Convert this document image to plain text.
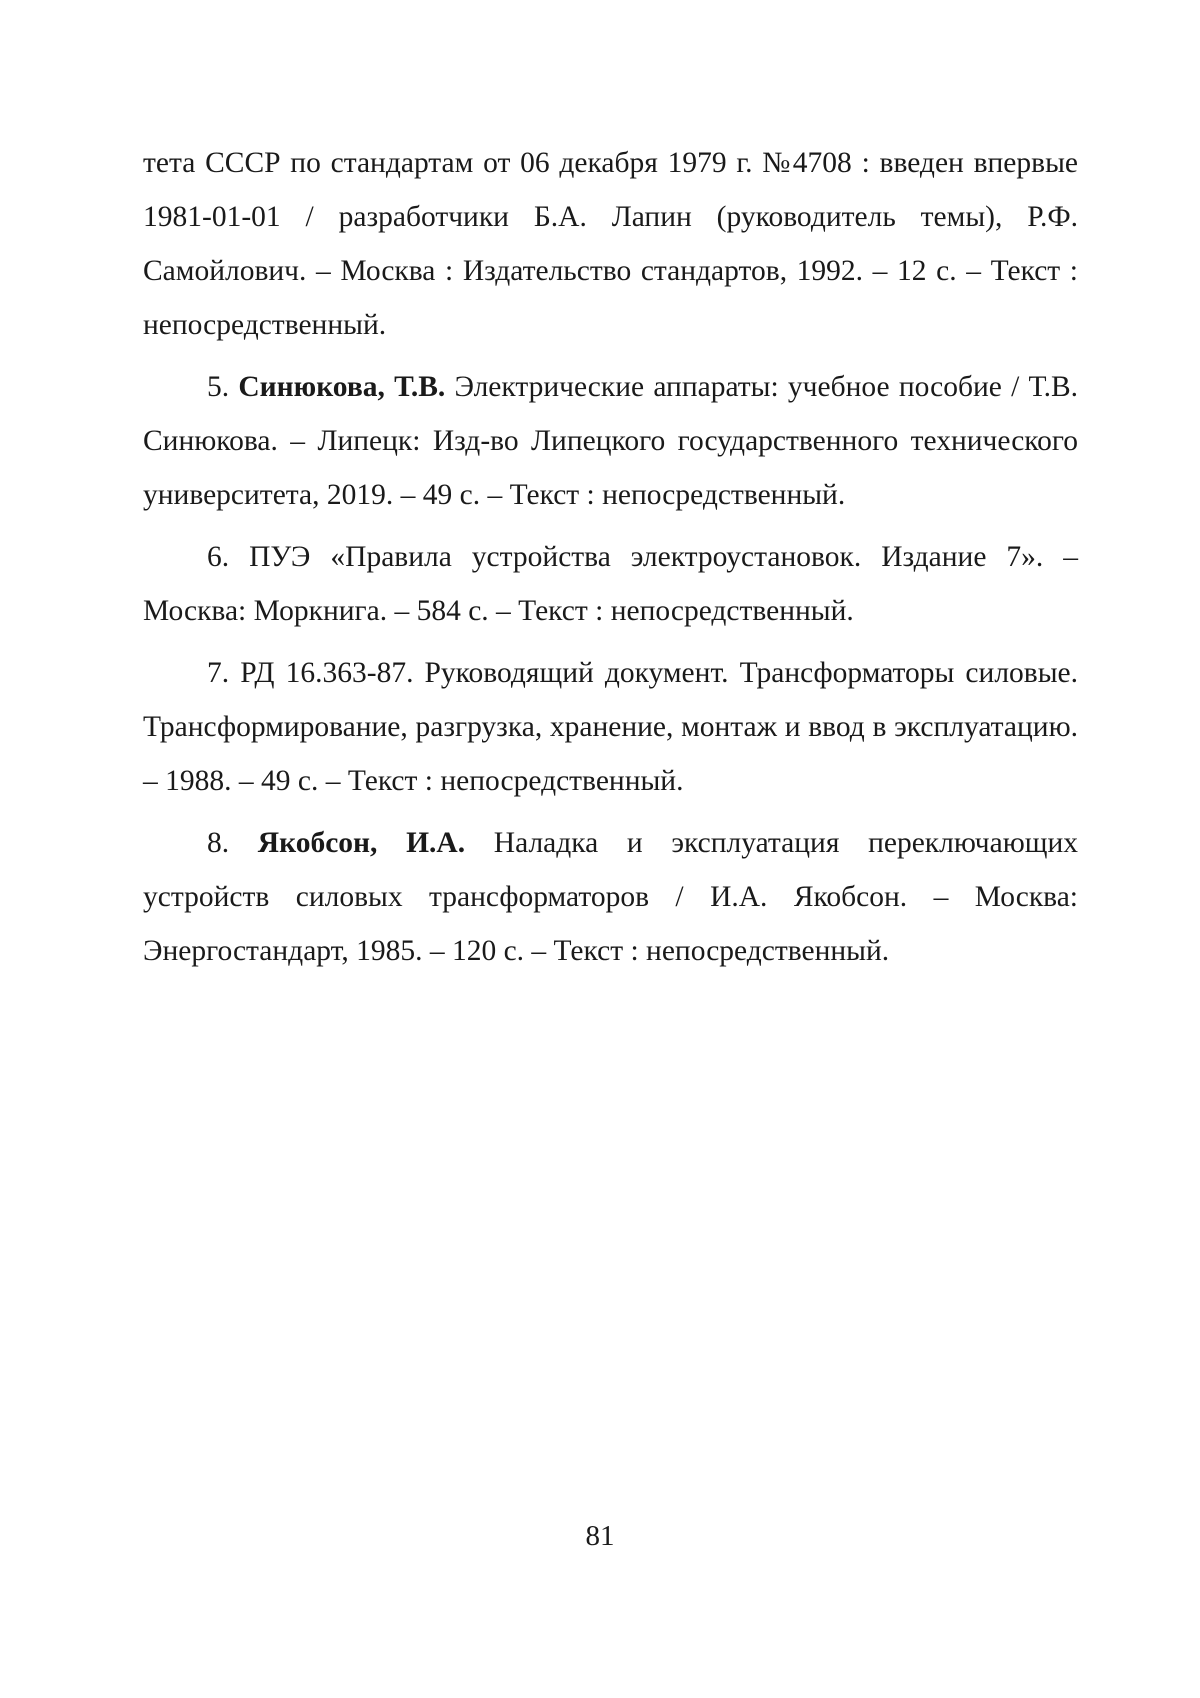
тета СССР по стандартам от 06 декабря 1979 г. №4708 : введен впервые 1981-01-01 / разработчики Б.А. Лапин (руководитель темы), Р.Ф. Самойлович. – Москва : Издательство стандартов, 1992. – 12 с. – Текст : непосредственный.

5. Синюкова, Т.В. Электрические аппараты: учебное пособие / Т.В. Синюкова. – Липецк: Изд-во Липецкого государственного технического университета, 2019. – 49 с. – Текст : непосредственный.

6. ПУЭ «Правила устройства электроустановок. Издание 7». – Москва: Моркнига. – 584 с. – Текст : непосредственный.

7. РД 16.363-87. Руководящий документ. Трансформаторы силовые. Трансформирование, разгрузка, хранение, монтаж и ввод в эксплуатацию. – 1988. – 49 с. – Текст : непосредственный.

8. Якобсон, И.А. Наладка и эксплуатация переключающих устройств силовых трансформаторов / И.А. Якобсон. – Москва: Энергостандарт, 1985. – 120 с. – Текст : непосредственный.

81
